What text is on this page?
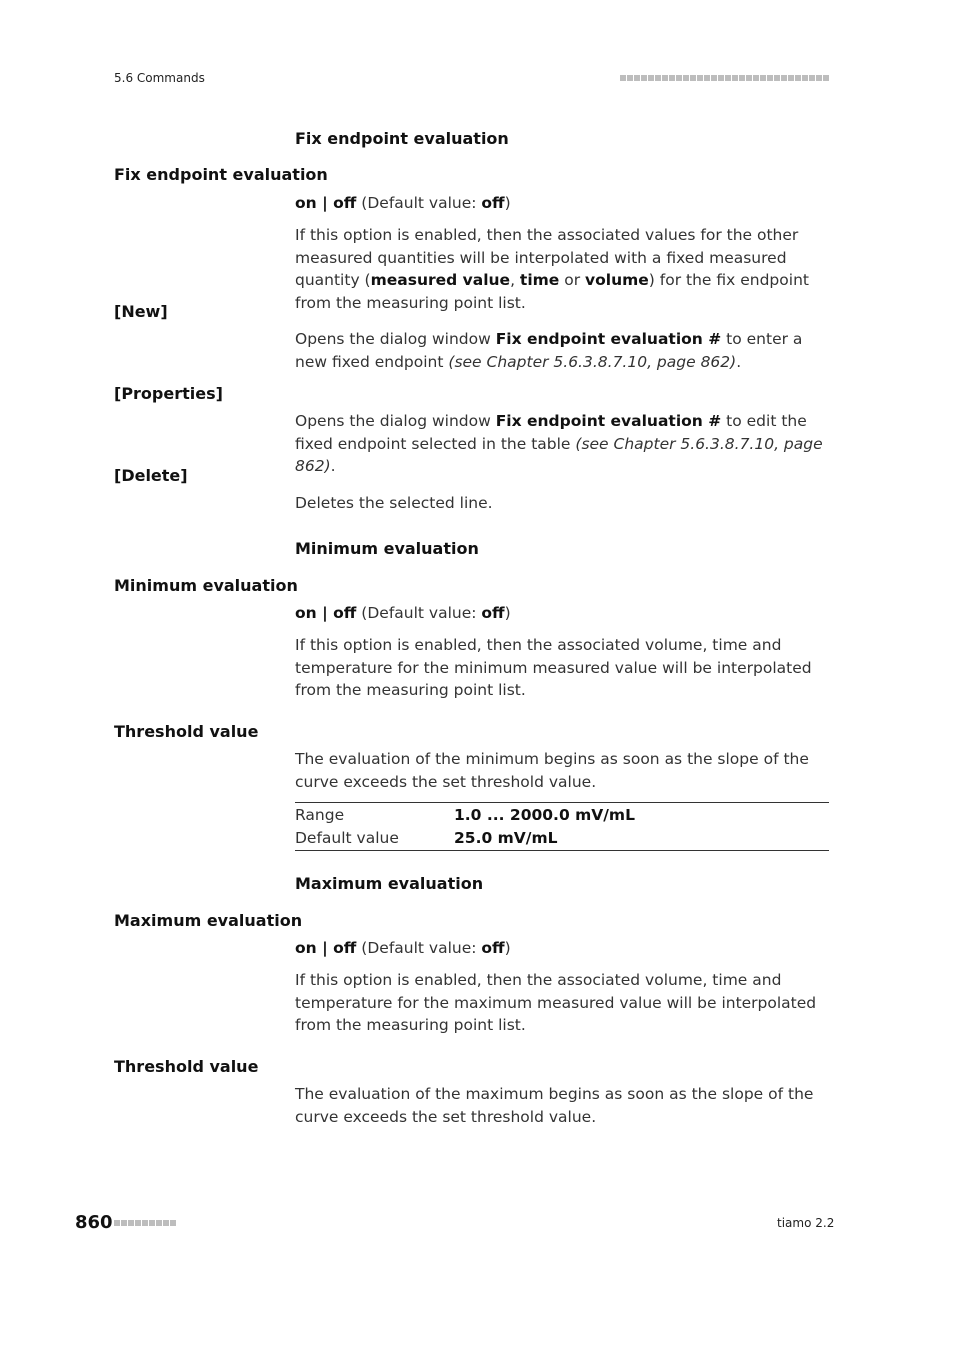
5.6 Commands
Fix endpoint evaluation
Fix endpoint evaluation
on | off (Default value: off)
If this option is enabled, then the associated values for the other measured quantities will be interpolated with a fixed measured quantity (measured value, time or volume) for the fix endpoint from the measuring point list.
[New]
Opens the dialog window Fix endpoint evaluation # to enter a new fixed endpoint (see Chapter 5.6.3.8.7.10, page 862).
[Properties]
Opens the dialog window Fix endpoint evaluation # to edit the fixed endpoint selected in the table (see Chapter 5.6.3.8.7.10, page 862).
[Delete]
Deletes the selected line.
Minimum evaluation
Minimum evaluation
on | off (Default value: off)
If this option is enabled, then the associated volume, time and temperature for the minimum measured value will be interpolated from the measuring point list.
Threshold value
The evaluation of the minimum begins as soon as the slope of the curve exceeds the set threshold value.
Range	1.0 ... 2000.0 mV/mL
Default value	25.0 mV/mL
Maximum evaluation
Maximum evaluation
on | off (Default value: off)
If this option is enabled, then the associated volume, time and temperature for the maximum measured value will be interpolated from the measuring point list.
Threshold value
The evaluation of the maximum begins as soon as the slope of the curve exceeds the set threshold value.
860	tiamo 2.2
